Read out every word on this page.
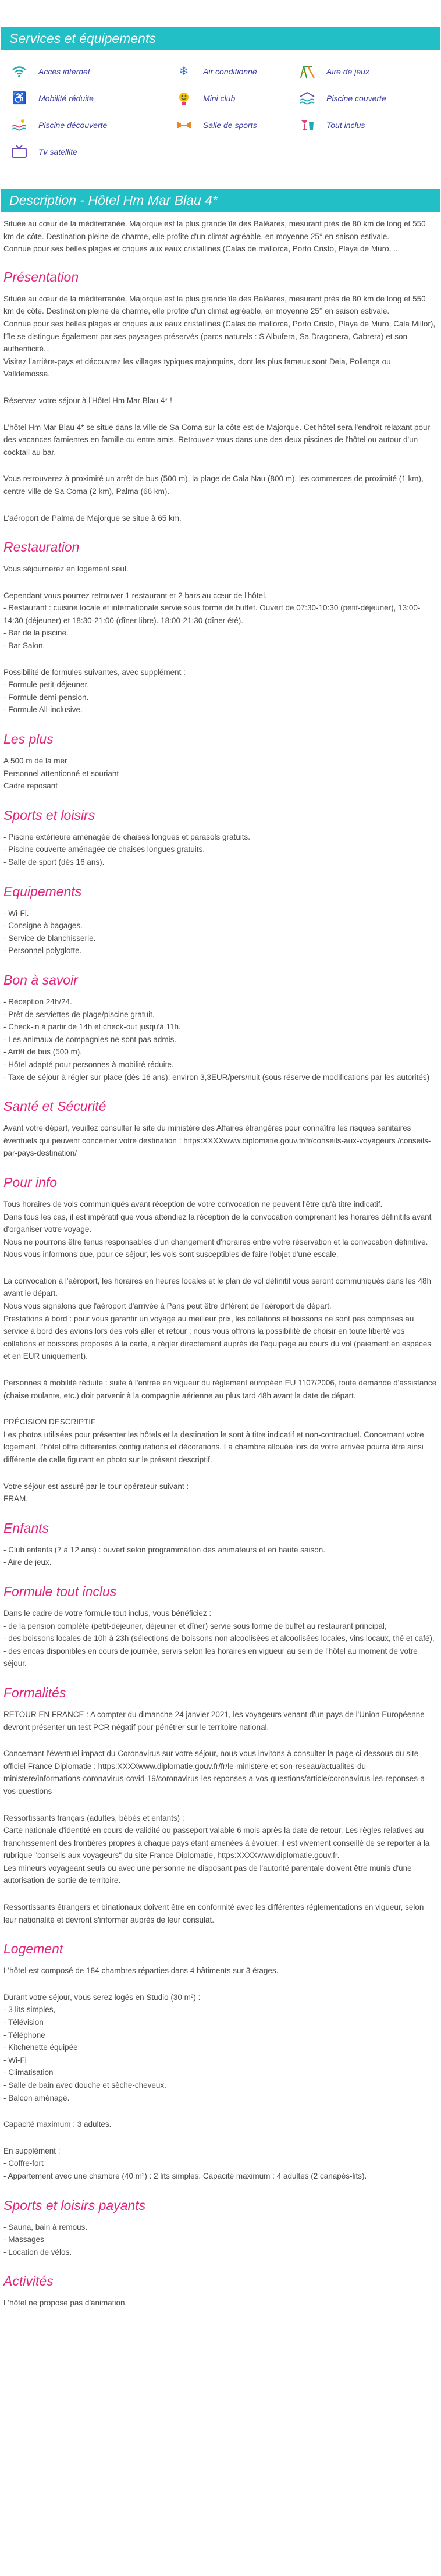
Services et équipements
Accès internet	❄	Air conditionné	Aire de jeux
♿	Mobilité réduite	Mini club	Piscine couverte
Piscine découverte	Salle de sports	Tout inclus
Tv satellite
Description - Hôtel Hm Mar Blau 4*
Située au cœur de la méditerranée, Majorque est la plus grande île des Baléares, mesurant près de 80 km de long et 550 km de côte. Destination pleine de charme, elle profite d'un climat agréable, en moyenne 25° en saison estivale.
Connue pour ses belles plages et criques aux eaux cristallines (Calas de mallorca, Porto Cristo, Playa de Muro, ...
Présentation
Située au cœur de la méditerranée, Majorque est la plus grande île des Baléares, mesurant près de 80 km de long et 550 km de côte. Destination pleine de charme, elle profite d'un climat agréable, en moyenne 25° en saison estivale.
Connue pour ses belles plages et criques aux eaux cristallines (Calas de mallorca, Porto Cristo, Playa de Muro, Cala Millor), l'île se distingue également par ses paysages préservés (parcs naturels : S'Albufera, Sa Dragonera, Cabrera) et son authenticité...
Visitez l'arrière-pays et découvrez les villages typiques majorquins, dont les plus fameux sont Deia, Pollença ou Valldemossa.
Réservez votre séjour à l'Hôtel Hm Mar Blau 4* !
L'hôtel Hm Mar Blau 4* se situe dans la ville de Sa Coma sur la côte est de Majorque. Cet hôtel sera l'endroit relaxant pour des vacances farnientes en famille ou entre amis. Retrouvez-vous dans une des deux piscines de l'hôtel ou autour d'un cocktail au bar.
Vous retrouverez à proximité un arrêt de bus (500 m), la plage de Cala Nau (800 m), les commerces de proximité (1 km), centre-ville de Sa Coma (2 km), Palma (66 km).
L'aéroport de Palma de Majorque se situe à 65 km.
Restauration
Vous séjournerez en logement seul.
Cependant vous pourrez retrouver 1 restaurant et 2 bars au cœur de l'hôtel.
- Restaurant : cuisine locale et internationale servie sous forme de buffet. Ouvert de 07:30-10:30 (petit-déjeuner), 13:00-14:30 (déjeuner) et 18:30-21:00 (dîner libre). 18:00-21:30 (dîner été).
- Bar de la piscine.
- Bar Salon.
Possibilité de formules suivantes, avec supplément :
- Formule petit-déjeuner.
- Formule demi-pension.
- Formule All-inclusive.
Les plus
A 500 m de la mer
Personnel attentionné et souriant
Cadre reposant
Sports et loisirs
- Piscine extérieure aménagée de chaises longues et parasols gratuits.
- Piscine couverte aménagée de chaises longues gratuits.
- Salle de sport (dès 16 ans).
Equipements
- Wi-Fi.
- Consigne à bagages.
- Service de blanchisserie.
- Personnel polyglotte.
Bon à savoir
- Réception 24h/24.
- Prêt de serviettes de plage/piscine gratuit.
- Check-in à partir de 14h et check-out jusqu'à 11h.
- Les animaux de compagnies ne sont pas admis.
- Arrêt de bus (500 m).
- Hôtel adapté pour personnes à mobilité réduite.
- Taxe de séjour à régler sur place (dès 16 ans): environ 3,3EUR/pers/nuit (sous réserve de modifications par les autorités)
Santé et Sécurité
Avant votre départ, veuillez consulter le site du ministère des Affaires étrangères pour connaître les risques sanitaires éventuels qui peuvent concerner votre destination : https:XXXXwww.diplomatie.gouv.fr/fr/conseils-aux-voyageurs /conseils-par-pays-destination/
Pour info
Tous horaires de vols communiqués avant réception de votre convocation ne peuvent l'être qu'à titre indicatif.
Dans tous les cas, il est impératif que vous attendiez la réception de la convocation comprenant les horaires définitifs avant d'organiser votre voyage.
Nous ne pourrons être tenus responsables d'un changement d'horaires entre votre réservation et la convocation définitive.
Nous vous informons que, pour ce séjour, les vols sont susceptibles de faire l'objet d'une escale.
La convocation à l'aéroport, les horaires en heures locales et le plan de vol définitif vous seront communiqués dans les 48h avant le départ.
Nous vous signalons que l'aéroport d'arrivée à Paris peut être différent de l'aéroport de départ.
Prestations à bord : pour vous garantir un voyage au meilleur prix, les collations et boissons ne sont pas comprises au service à bord des avions lors des vols aller et retour ; nous vous offrons la possibilité de choisir en toute liberté vos collations et boissons proposés à la carte, à régler directement auprès de l'équipage au cours du vol (paiement en espèces et en EUR uniquement).
Personnes à mobilité réduite : suite à l'entrée en vigueur du règlement européen EU 1107/2006, toute demande d'assistance (chaise roulante, etc.) doit parvenir à la compagnie aérienne au plus tard 48h avant la date de départ.
PRÉCISION DESCRIPTIF
Les photos utilisées pour présenter les hôtels et la destination le sont à titre indicatif et non-contractuel. Concernant votre logement, l'hôtel offre différentes configurations et décorations. La chambre allouée lors de votre arrivée pourra être ainsi différente de celle figurant en photo sur le présent descriptif.
Votre séjour est assuré par le tour opérateur suivant :
FRAM.
Enfants
- Club enfants (7 à 12 ans) : ouvert selon programmation des animateurs et en haute saison.
- Aire de jeux.
Formule tout inclus
Dans le cadre de votre formule tout inclus, vous bénéficiez :
- de la pension complète (petit-déjeuner, déjeuner et dîner) servie sous forme de buffet au restaurant principal,
- des boissons locales de 10h à 23h (sélections de boissons non alcoolisées et alcoolisées locales, vins locaux, thé et café),
- des encas disponibles en cours de journée, servis selon les horaires en vigueur au sein de l'hôtel au moment de votre séjour.
Formalités
RETOUR EN FRANCE : A compter du dimanche 24 janvier 2021, les voyageurs venant d'un pays de l'Union Européenne devront présenter un test PCR négatif pour pénétrer sur le territoire national.
Concernant l'éventuel impact du Coronavirus sur votre séjour, nous vous invitons à consulter la page ci-dessous du site officiel France Diplomatie : https:XXXXwww.diplomatie.gouv.fr/fr/le-ministere-et-son-reseau/actualites-du-ministere/informations-coronavirus-covid-19/coronavirus-les-reponses-a-vos-questions/article/coronavirus-les-reponses-a-vos-questions
Ressortissants français (adultes, bébés et enfants) :
Carte nationale d'identité en cours de validité ou passeport valable 6 mois après la date de retour. Les règles relatives au franchissement des frontières propres à chaque pays étant amenées à évoluer, il est vivement conseillé de se reporter à la rubrique "conseils aux voyageurs" du site France Diplomatie, https:XXXXwww.diplomatie.gouv.fr.
Les mineurs voyageant seuls ou avec une personne ne disposant pas de l'autorité parentale doivent être munis d'une autorisation de sortie de territoire.
Ressortissants étrangers et binationaux doivent être en conformité avec les différentes réglementations en vigueur, selon leur nationalité et devront s'informer auprès de leur consulat.
Logement
L'hôtel est composé de 184 chambres réparties dans 4 bâtiments sur 3 étages.
Durant votre séjour, vous serez logés en Studio (30 m²) :
- 3 lits simples,
- Télévision
- Téléphone
- Kitchenette équipée
- Wi-Fi
- Climatisation
- Salle de bain avec douche et sèche-cheveux.
- Balcon aménagé.
Capacité maximum : 3 adultes.
En supplément :
- Coffre-fort
- Appartement avec une chambre (40 m²) : 2 lits simples. Capacité maximum : 4 adultes (2 canapés-lits).
Sports et loisirs payants
- Sauna, bain à remous.
- Massages
- Location de vélos.
Activités
L'hôtel ne propose pas d'animation.
